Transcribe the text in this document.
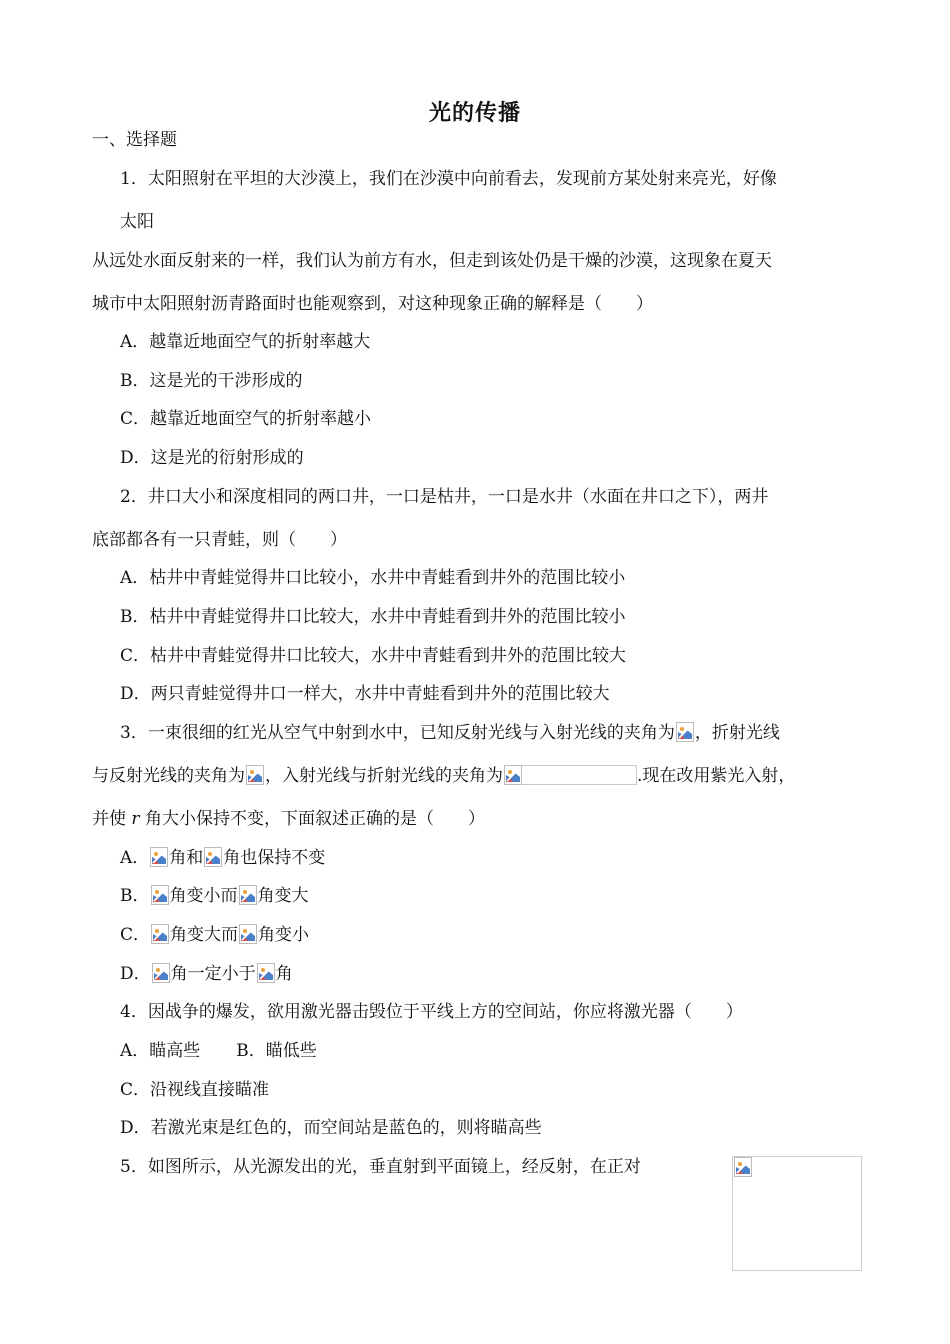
光的传播
一、选择题
1．太阳照射在平坦的大沙漠上，我们在沙漠中向前看去，发现前方某处射来亮光，好像
太阳
从远处水面反射来的一样，我们认为前方有水，但走到该处仍是干燥的沙漠，这现象在夏天
城市中太阳照射沥青路面时也能观察到，对这种现象正确的解释是（　　）
A．越靠近地面空气的折射率越大
B．这是光的干涉形成的
C．越靠近地面空气的折射率越小
D．这是光的衍射形成的
2．井口大小和深度相同的两口井，一口是枯井，一口是水井（水面在井口之下），两井
底部都各有一只青蛙，则（　　）
A．枯井中青蛙觉得井口比较小，水井中青蛙看到井外的范围比较小
B．枯井中青蛙觉得井口比较大，水井中青蛙看到井外的范围比较小
C．枯井中青蛙觉得井口比较大，水井中青蛙看到井外的范围比较大
D．两只青蛙觉得井口一样大，水井中青蛙看到井外的范围比较大
3．一束很细的红光从空气中射到水中，已知反射光线与入射光线的夹角为 ，折射光线
与反射光线的夹角为 ，入射光线与折射光线的夹角为	.现在改用紫光入射，
并使 r 角大小保持不变，下面叙述正确的是（　　）
A． 角和 角也保持不变
B． 角变小而 角变大
C． 角变大而 角变小
D． 角一定小于 角
4．因战争的爆发，欲用激光器击毁位于平线上方的空间站，你应将激光器（　　）
A．瞄高些 B．瞄低些
C．沿视线直接瞄准
D．若激光束是红色的，而空间站是蓝色的，则将瞄高些
5．如图所示，从光源发出的光，垂直射到平面镜上，经反射，在正对
